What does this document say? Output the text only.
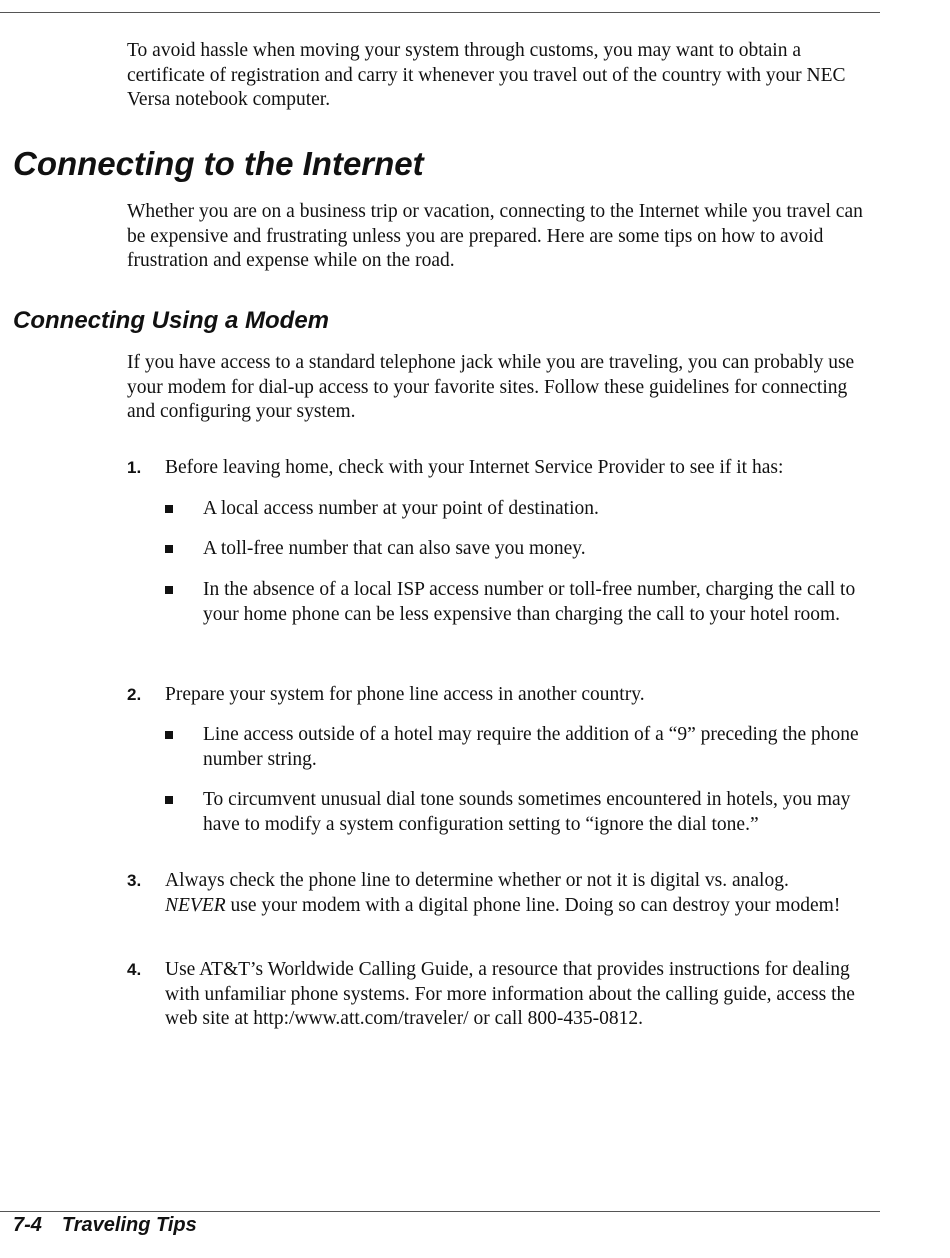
To avoid hassle when moving your system through customs, you may want to obtain a certificate of registration and carry it whenever you travel out of the country with your NEC Versa notebook computer.

Connecting to the Internet

Whether you are on a business trip or vacation, connecting to the Internet while you travel can be expensive and frustrating unless you are prepared. Here are some tips on how to avoid frustration and expense while on the road.

Connecting Using a Modem

If you have access to a standard telephone jack while you are traveling, you can probably use your modem for dial-up access to your favorite sites. Follow these guidelines for connecting and configuring your system.

1. Before leaving home, check with your Internet Service Provider to see if it has:
A local access number at your point of destination.
A toll-free number that can also save you money.
In the absence of a local ISP access number or toll-free number, charging the call to your home phone can be less expensive than charging the call to your hotel room.
2. Prepare your system for phone line access in another country.
Line access outside of a hotel may require the addition of a “9” preceding the phone number string.
To circumvent unusual dial tone sounds sometimes encountered in hotels, you may have to modify a system configuration setting to “ignore the dial tone.”
3. Always check the phone line to determine whether or not it is digital vs. analog.
NEVER use your modem with a digital phone line. Doing so can destroy your modem!
4. Use AT&T’s Worldwide Calling Guide, a resource that provides instructions for dealing with unfamiliar phone systems. For more information about the calling guide, access the web site at http:/www.att.com/traveler/ or call 800-435-0812.
7-4 Traveling Tips
